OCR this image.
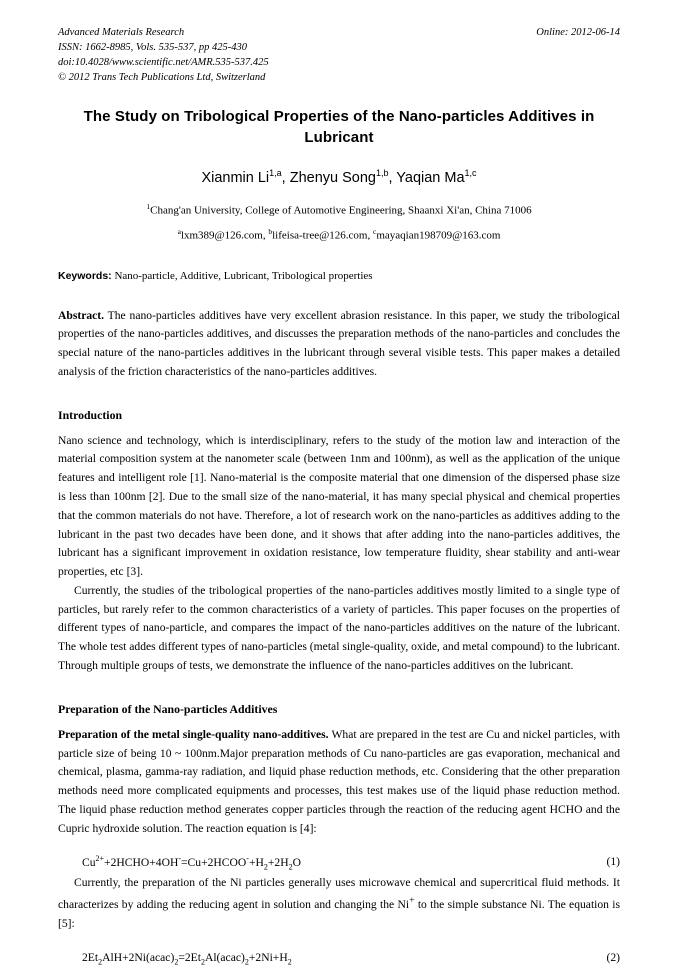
Advanced Materials Research
ISSN: 1662-8985, Vols. 535-537, pp 425-430
doi:10.4028/www.scientific.net/AMR.535-537.425
© 2012 Trans Tech Publications Ltd, Switzerland
Online: 2012-06-14
The Study on Tribological Properties of the Nano-particles Additives in Lubricant
Xianmin Li$^{1,a}$, Zhenyu Song$^{1,b}$, Yaqian Ma$^{1,c}$
$^1$Chang'an University, College of Automotive Engineering, Shaanxi Xi'an, China 71006
$^a$lxm389@126.com, $^b$lifeisa-tree@126.com, $^c$mayaqian198709@163.com
Keywords: Nano-particle, Additive, Lubricant, Tribological properties
Abstract. The nano-particles additives have very excellent abrasion resistance. In this paper, we study the tribological properties of the nano-particles additives, and discusses the preparation methods of the nano-particles and concludes the special nature of the nano-particles additives in the lubricant through several visible tests. This paper makes a detailed analysis of the friction characteristics of the nano-particles additives.
Introduction
Nano science and technology, which is interdisciplinary, refers to the study of the motion law and interaction of the material composition system at the nanometer scale (between 1nm and 100nm), as well as the application of the unique features and intelligent role [1]. Nano-material is the composite material that one dimension of the dispersed phase size is less than 100nm [2]. Due to the small size of the nano-material, it has many special physical and chemical properties that the common materials do not have. Therefore, a lot of research work on the nano-particles as additives adding to the lubricant in the past two decades have been done, and it shows that after adding into the nano-particles additives, the lubricant has a significant improvement in oxidation resistance, low temperature fluidity, shear stability and anti-wear properties, etc [3].
Currently, the studies of the tribological properties of the nano-particles additives mostly limited to a single type of particles, but rarely refer to the common characteristics of a variety of particles. This paper focuses on the properties of different types of nano-particle, and compares the impact of the nano-particles additives on the nature of the lubricant. The whole test addes different types of nano-particles (metal single-quality, oxide, and metal compound) to the lubricant. Through multiple groups of tests, we demonstrate the influence of the nano-particles additives on the lubricant.
Preparation of the Nano-particles Additives
Preparation of the metal single-quality nano-additives. What are prepared in the test are Cu and nickel particles, with particle size of being 10 ~ 100nm.Major preparation methods of Cu nano-particles are gas evaporation, mechanical and chemical, plasma, gamma-ray radiation, and liquid phase reduction methods, etc. Considering that the other preparation methods need more complicated equipments and processes, this test makes use of the liquid phase reduction method. The liquid phase reduction method generates copper particles through the reaction of the reducing agent HCHO and the Cupric hydroxide solution. The reaction equation is [4]:
$Cu^{2+}+2HCHO+4OH^-=Cu+2HCOO^-+H_2+2H_2O$	(1)
Currently, the preparation of the Ni particles generally uses microwave chemical and supercritical fluid methods. It characterizes by adding the reducing agent in solution and changing the Ni+ to the simple substance Ni. The equation is [5]:
$2Et_2AlH+2Ni(acac)_2=2Et_2Al(acac)_2+2Ni+H_2$	(2)
